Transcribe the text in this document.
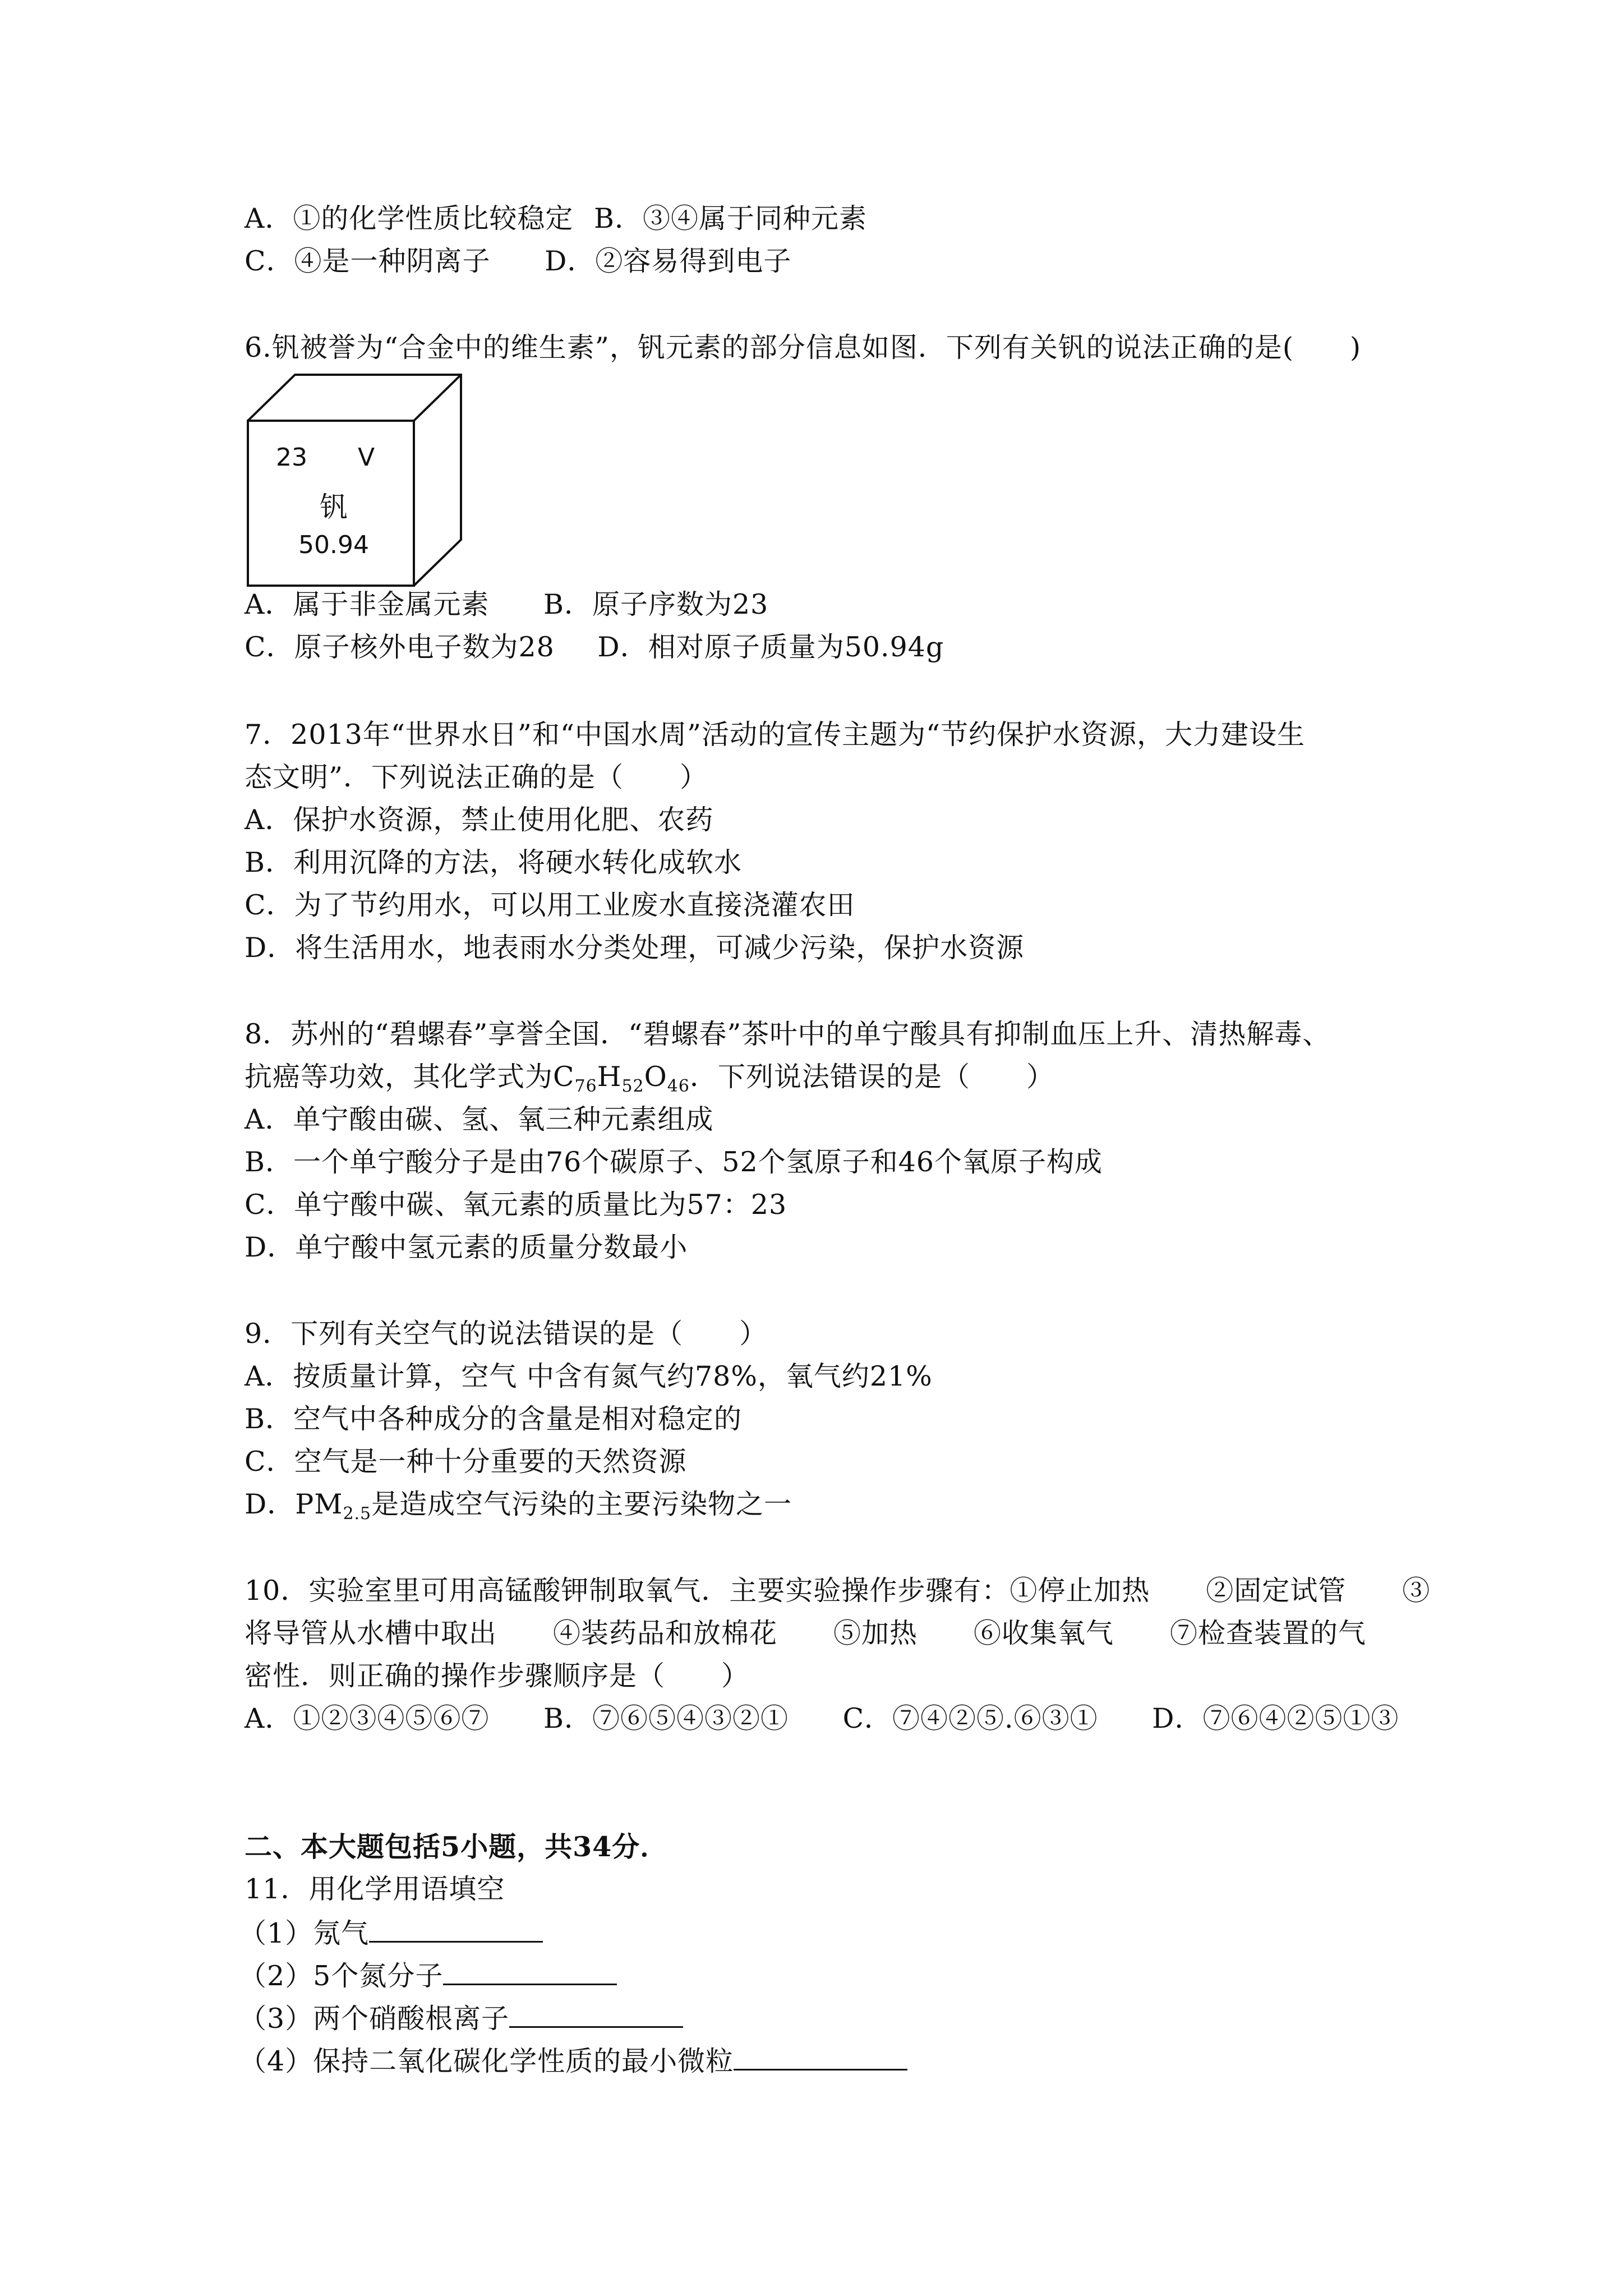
A．①的化学性质比较稳定 B．③④属于同种元素
C．④是一种阴离子 D．②容易得到电子
6.钒被誉为“合金中的维生素”，钒元素的部分信息如图．下列有关钒的说法正确的是(　　)
23 V
钒
50.94
A．属于非金属元素 B．原子序数为23
C．原子核外电子数为28 D．相对原子质量为50.94g
7．2013年“世界水日”和“中国水周”活动的宣传主题为“节约保护水资源，大力建设生
态文明”．下列说法正确的是（　　）
A．保护水资源，禁止使用化肥、农药
B．利用沉降的方法，将硬水转化成软水
C．为了节约用水，可以用工业废水直接浇灌农田
D．将生活用水，地表雨水分类处理，可减少污染，保护水资源
8．苏州的“碧螺春”享誉全国．“碧螺春”茶叶中的单宁酸具有抑制血压上升、清热解毒、
抗癌等功效，其化学式为$C_{76}H_{52}O_{46}$．下列说法错误的是（　　）
A．单宁酸由碳、氢、氧三种元素组成
B．一个单宁酸分子是由76个碳原子、52个氢原子和46个氧原子构成
C．单宁酸中碳、氧元素的质量比为57：23
D．单宁酸中氢元素的质量分数最小
9．下列有关空气的说法错误的是（　　）
A．按质量计算，空气 中含有氮气约78%，氧气约21%
B．空气中各种成分的含量是相对稳定的
C．空气是一种十分重要的天然资源
D．$PM_{2.5}$是造成空气污染的主要污染物之一
10．实验室里可用高锰酸钾制取氧气．主要实验操作步骤有：①停止加热　　②固定试管　　③
将导管从水槽中取出　　④装药品和放棉花　　⑤加热　　⑥收集氧气　　⑦检查装置的气
密性．则正确的操作步骤顺序是（　　）
A．①②③④⑤⑥⑦ B．⑦⑥⑤④③②① C．⑦④②⑤.⑥③① D．⑦⑥④②⑤①③
二、本大题包括5小题，共34分．
11．用化学用语填空
（1）氖气
（2）5个氮分子
（3）两个硝酸根离子
（4）保持二氧化碳化学性质的最小微粒
